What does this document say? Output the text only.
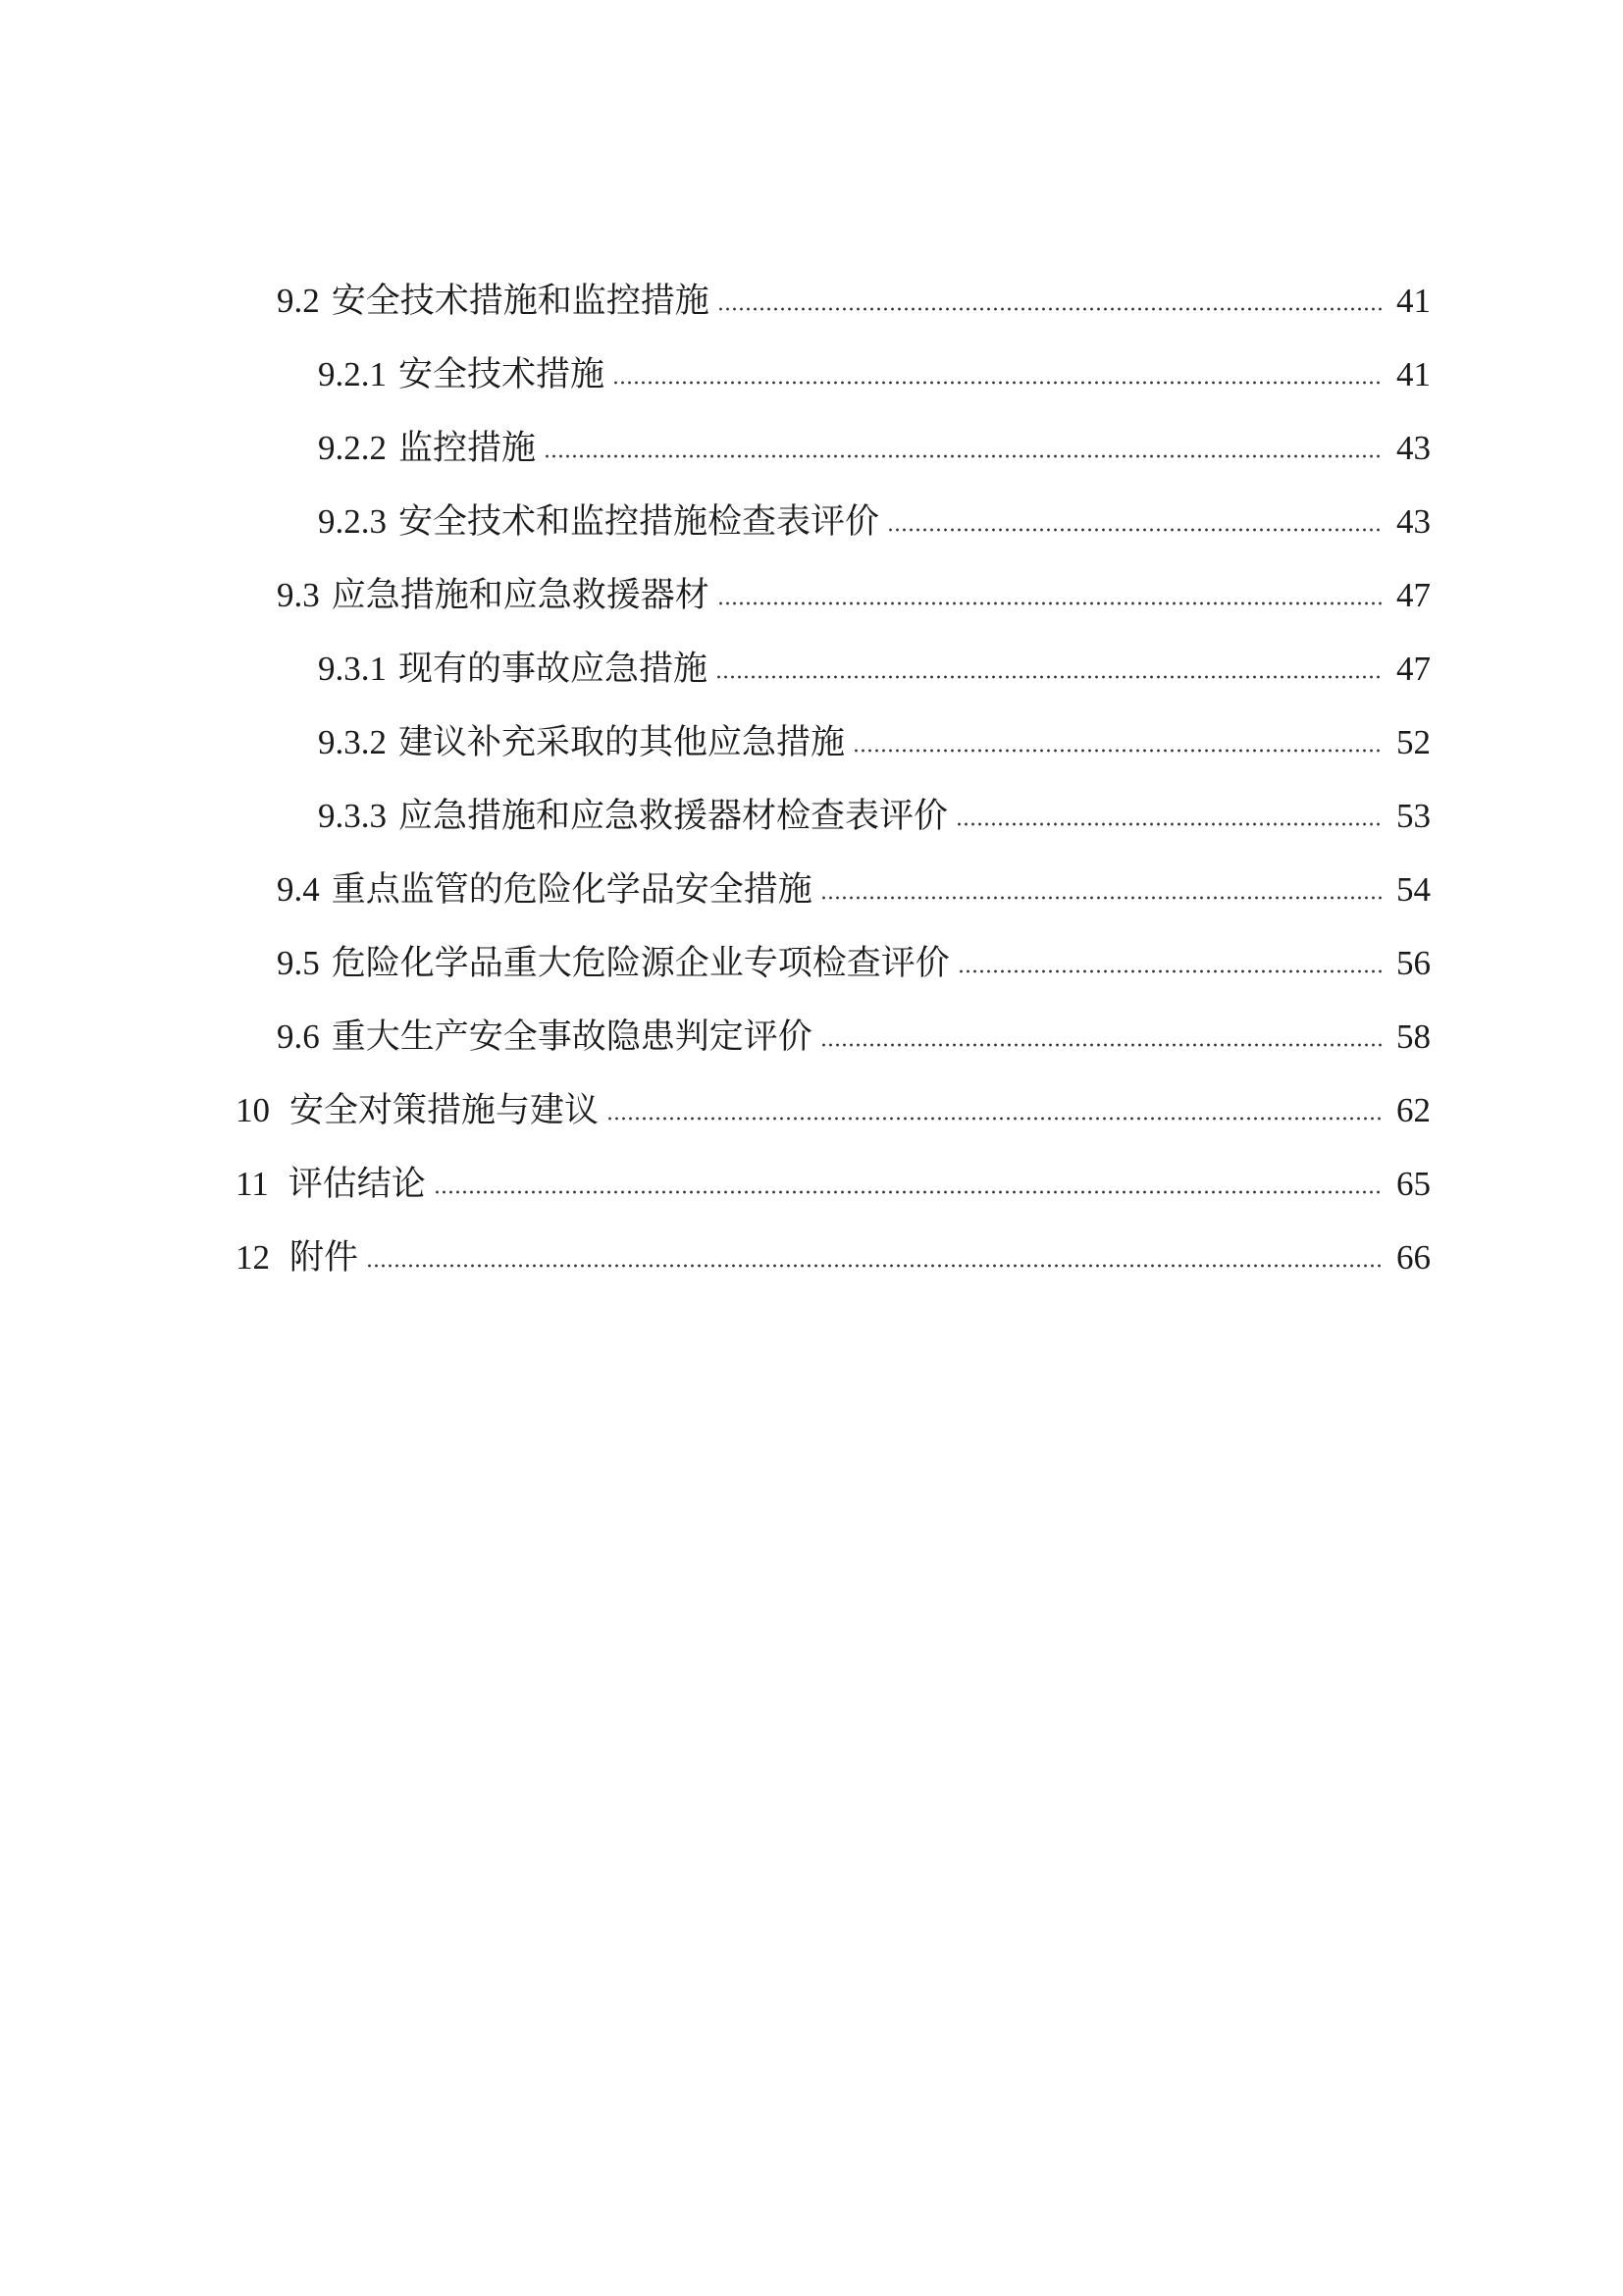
9.2 安全技术措施和监控措施	41
9.2.1 安全技术措施	41
9.2.2 监控措施	43
9.2.3 安全技术和监控措施检查表评价	43
9.3 应急措施和应急救援器材	47
9.3.1 现有的事故应急措施	47
9.3.2 建议补充采取的其他应急措施	52
9.3.3 应急措施和应急救援器材检查表评价	53
9.4 重点监管的危险化学品安全措施	54
9.5 危险化学品重大危险源企业专项检查评价	56
9.6 重大生产安全事故隐患判定评价	58
10 安全对策措施与建议	62
11 评估结论	65
12 附件	66
